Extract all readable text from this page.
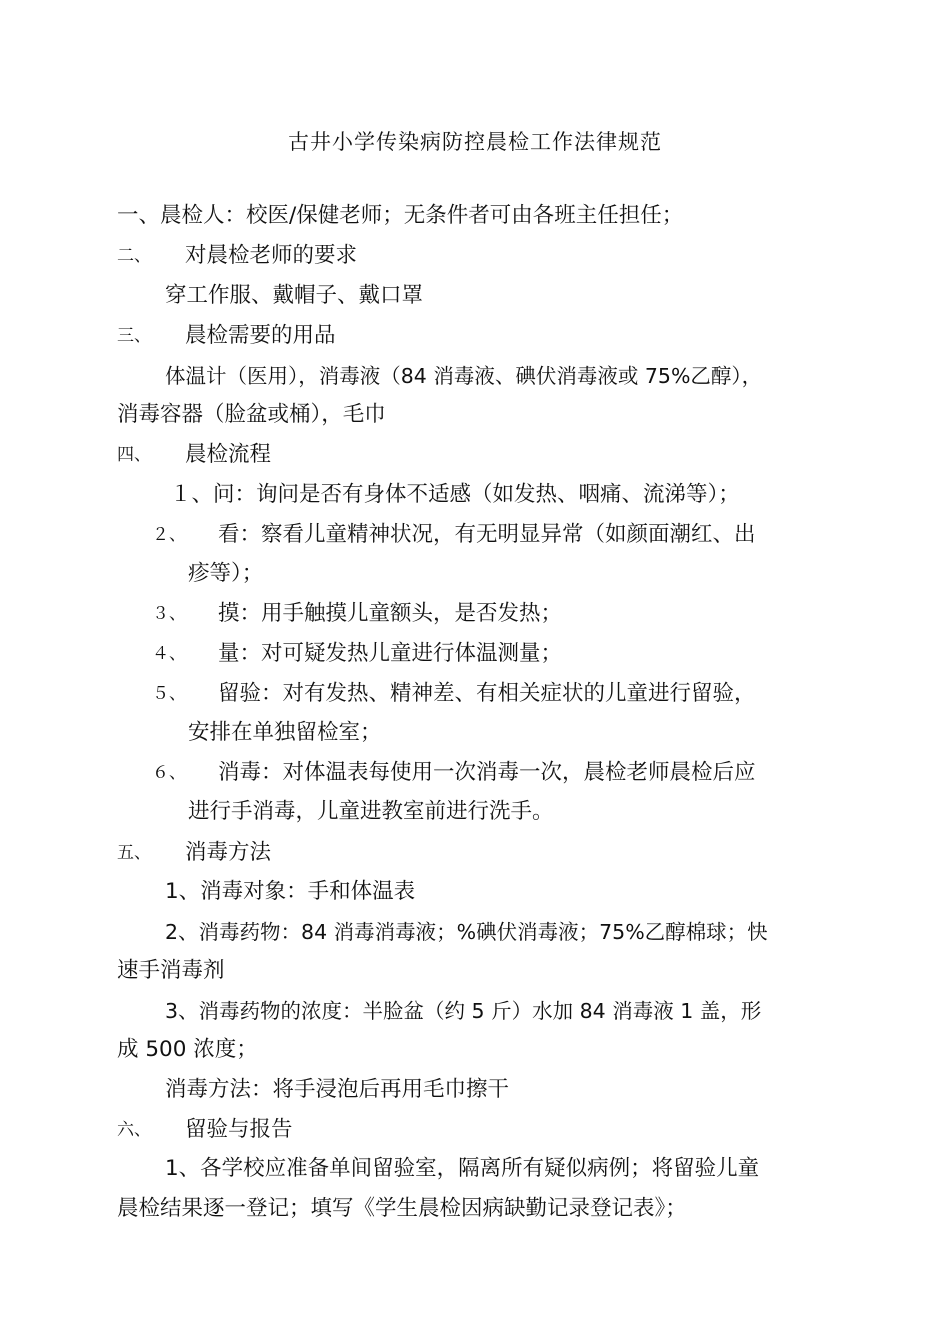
古井小学传染病防控晨检工作法律规范
一、晨检人：校医/保健老师；无条件者可由各班主任担任；
二、 对晨检老师的要求
穿工作服、戴帽子、戴口罩
三、 晨检需要的用品
体温计（医用），消毒液（84 消毒液、碘伏消毒液或 75%乙醇），
消毒容器（脸盆或桶），毛巾
四、 晨检流程
１、问：询问是否有身体不适感（如发热、咽痛、流涕等）；
２、 看：察看儿童精神状况，有无明显异常（如颜面潮红、出
疹等）；
３、 摸：用手触摸儿童额头，是否发热；
４、 量：对可疑发热儿童进行体温测量；
５、 留验：对有发热、精神差、有相关症状的儿童进行留验，
安排在单独留检室；
６、 消毒：对体温表每使用一次消毒一次，晨检老师晨检后应
进行手消毒，儿童进教室前进行洗手。
五、 消毒方法
1、消毒对象：手和体温表
2、消毒药物：84 消毒消毒液；%碘伏消毒液；75%乙醇棉球；快
速手消毒剂
3、消毒药物的浓度：半脸盆（约 5 斤）水加 84 消毒液 1 盖，形
成 500 浓度；
消毒方法：将手浸泡后再用毛巾擦干
六、 留验与报告
1、各学校应准备单间留验室，隔离所有疑似病例；将留验儿童
晨检结果逐一登记；填写《学生晨检因病缺勤记录登记表》；
